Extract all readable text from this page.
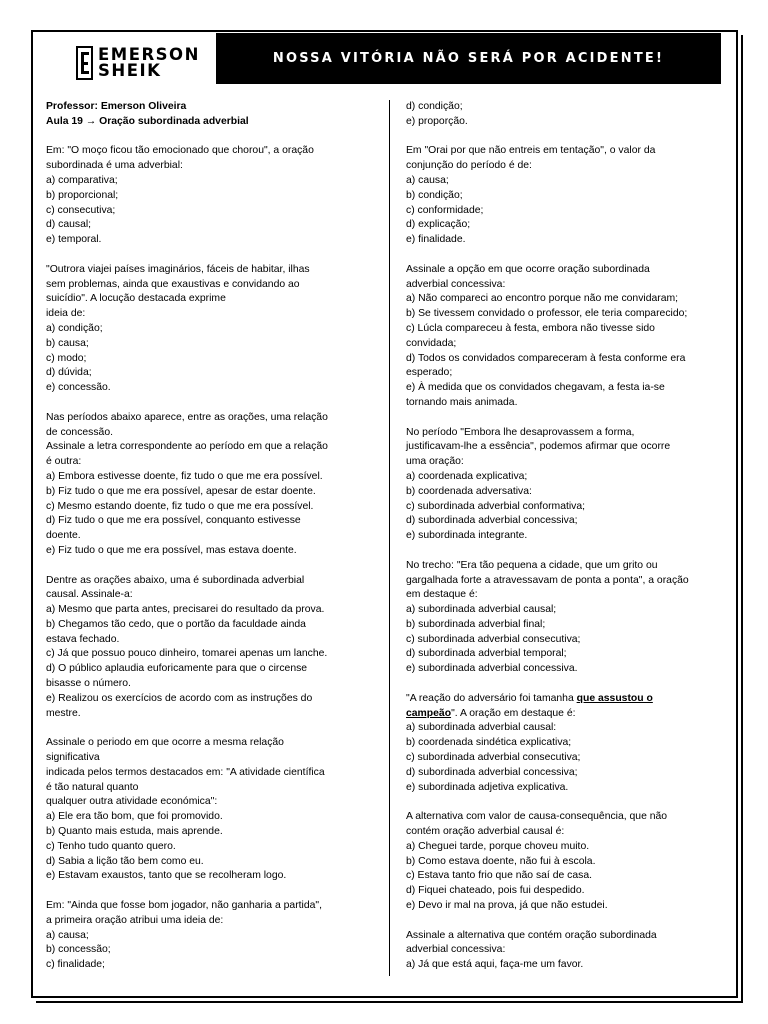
EMERSON
SHEIK
NOSSA VITÓRIA NÃO SERÁ POR ACIDENTE!

Professor: Emerson Oliveira

Aula 19 → Oração subordinada adverbial

Em: "O moço ficou tão emocionado que chorou", a oração

subordinada é uma adverbial:

a) comparativa;

b) proporcional;

c) consecutiva;

d) causal;

e) temporal.

"Outrora viajei países imaginários, fáceis de habitar, ilhas

sem problemas, ainda que exaustivas e convidando ao

suicídio". A locução destacada exprime

ideia de:

a) condição;

b) causa;

c) modo;

d) dúvida;

e) concessão.

Nas períodos abaixo aparece, entre as orações, uma relação

de concessão.

Assinale a letra correspondente ao período em que a relação

é outra:

a) Embora estivesse doente, fiz tudo o que me era possível.

b) Fiz tudo o que me era possível, apesar de estar doente.

c) Mesmo estando doente, fiz tudo o que me era possível.

d) Fiz tudo o que me era possível, conquanto estivesse

doente.

e) Fiz tudo o que me era possível, mas estava doente.

Dentre as orações abaixo, uma é subordinada adverbial

causal. Assinale-a:

a) Mesmo que parta antes, precisarei do resultado da prova.

b) Chegamos tão cedo, que o portão da faculdade ainda

estava fechado.

c) Já que possuo pouco dinheiro, tomarei apenas um lanche.

d) O público aplaudia euforicamente para que o circense

bisasse o número.

e) Realizou os exercícios de acordo com as instruções do

mestre.

Assinale o periodo em que ocorre a mesma relação

significativa

indicada pelos termos destacados em: "A atividade científica

é tão natural quanto

qualquer outra atividade económica":

a) Ele era tão bom, que foi promovido.

b) Quanto mais estuda, mais aprende.

c) Tenho tudo quanto quero.

d) Sabia a lição tão bem como eu.

e) Estavam exaustos, tanto que se recolheram logo.

Em: "Ainda que fosse bom jogador, não ganharia a partida",

a primeira oração atribui uma ideia de:

a) causa;

b) concessão;

c) finalidade;

d) condição;

e) proporção.

Em "Orai por que não entreis em tentação", o valor da

conjunção do período é de:

a) causa;

b) condição;

c) conformidade;

d) explicação;

e) finalidade.

Assinale a opção em que ocorre oração subordinada

adverbial concessiva:

a) Não compareci ao encontro porque não me convidaram;

b) Se tivessem convidado o professor, ele teria comparecido;

c) Lúcla compareceu à festa, embora não tivesse sido

convidada;

d) Todos os convidados compareceram à festa conforme era

esperado;

e) À medida que os convidados chegavam, a festa ia-se

tornando mais animada.

No período "Embora lhe desaprovassem a forma,

justificavam-lhe a essência", podemos afirmar que ocorre

uma oração:

a) coordenada explicativa;

b) coordenada adversativa:

c) subordinada adverbial conformativa;

d) subordinada adverbial concessiva;

e) subordinada integrante.

No trecho: "Era tão pequena a cidade, que um grito ou

gargalhada forte a atravessavam de ponta a ponta", a oração

em destaque é:

a) subordinada adverbial causal;

b) subordinada adverbial final;

c) subordinada adverbial consecutiva;

d) subordinada adverbial temporal;

e) subordinada adverbial concessiva.

"A reação do adversário foi tamanha que assustou o

campeão". A oração em destaque é:

a) subordinada adverbial causal:

b) coordenada sindética explicativa;

c) subordinada adverbial consecutiva;

d) subordinada adverbial concessiva;

e) subordinada adjetiva explicativa.

A alternativa com valor de causa-consequência, que não

contém oração adverbial causal é:

a) Cheguei tarde, porque choveu muito.

b) Como estava doente, não fui à escola.

c) Estava tanto frio que não saí de casa.

d) Fiquei chateado, pois fui despedido.

e) Devo ir mal na prova, já que não estudei.

Assinale a alternativa que contém oração subordinada

adverbial concessiva:

a) Já que está aqui, faça-me um favor.
